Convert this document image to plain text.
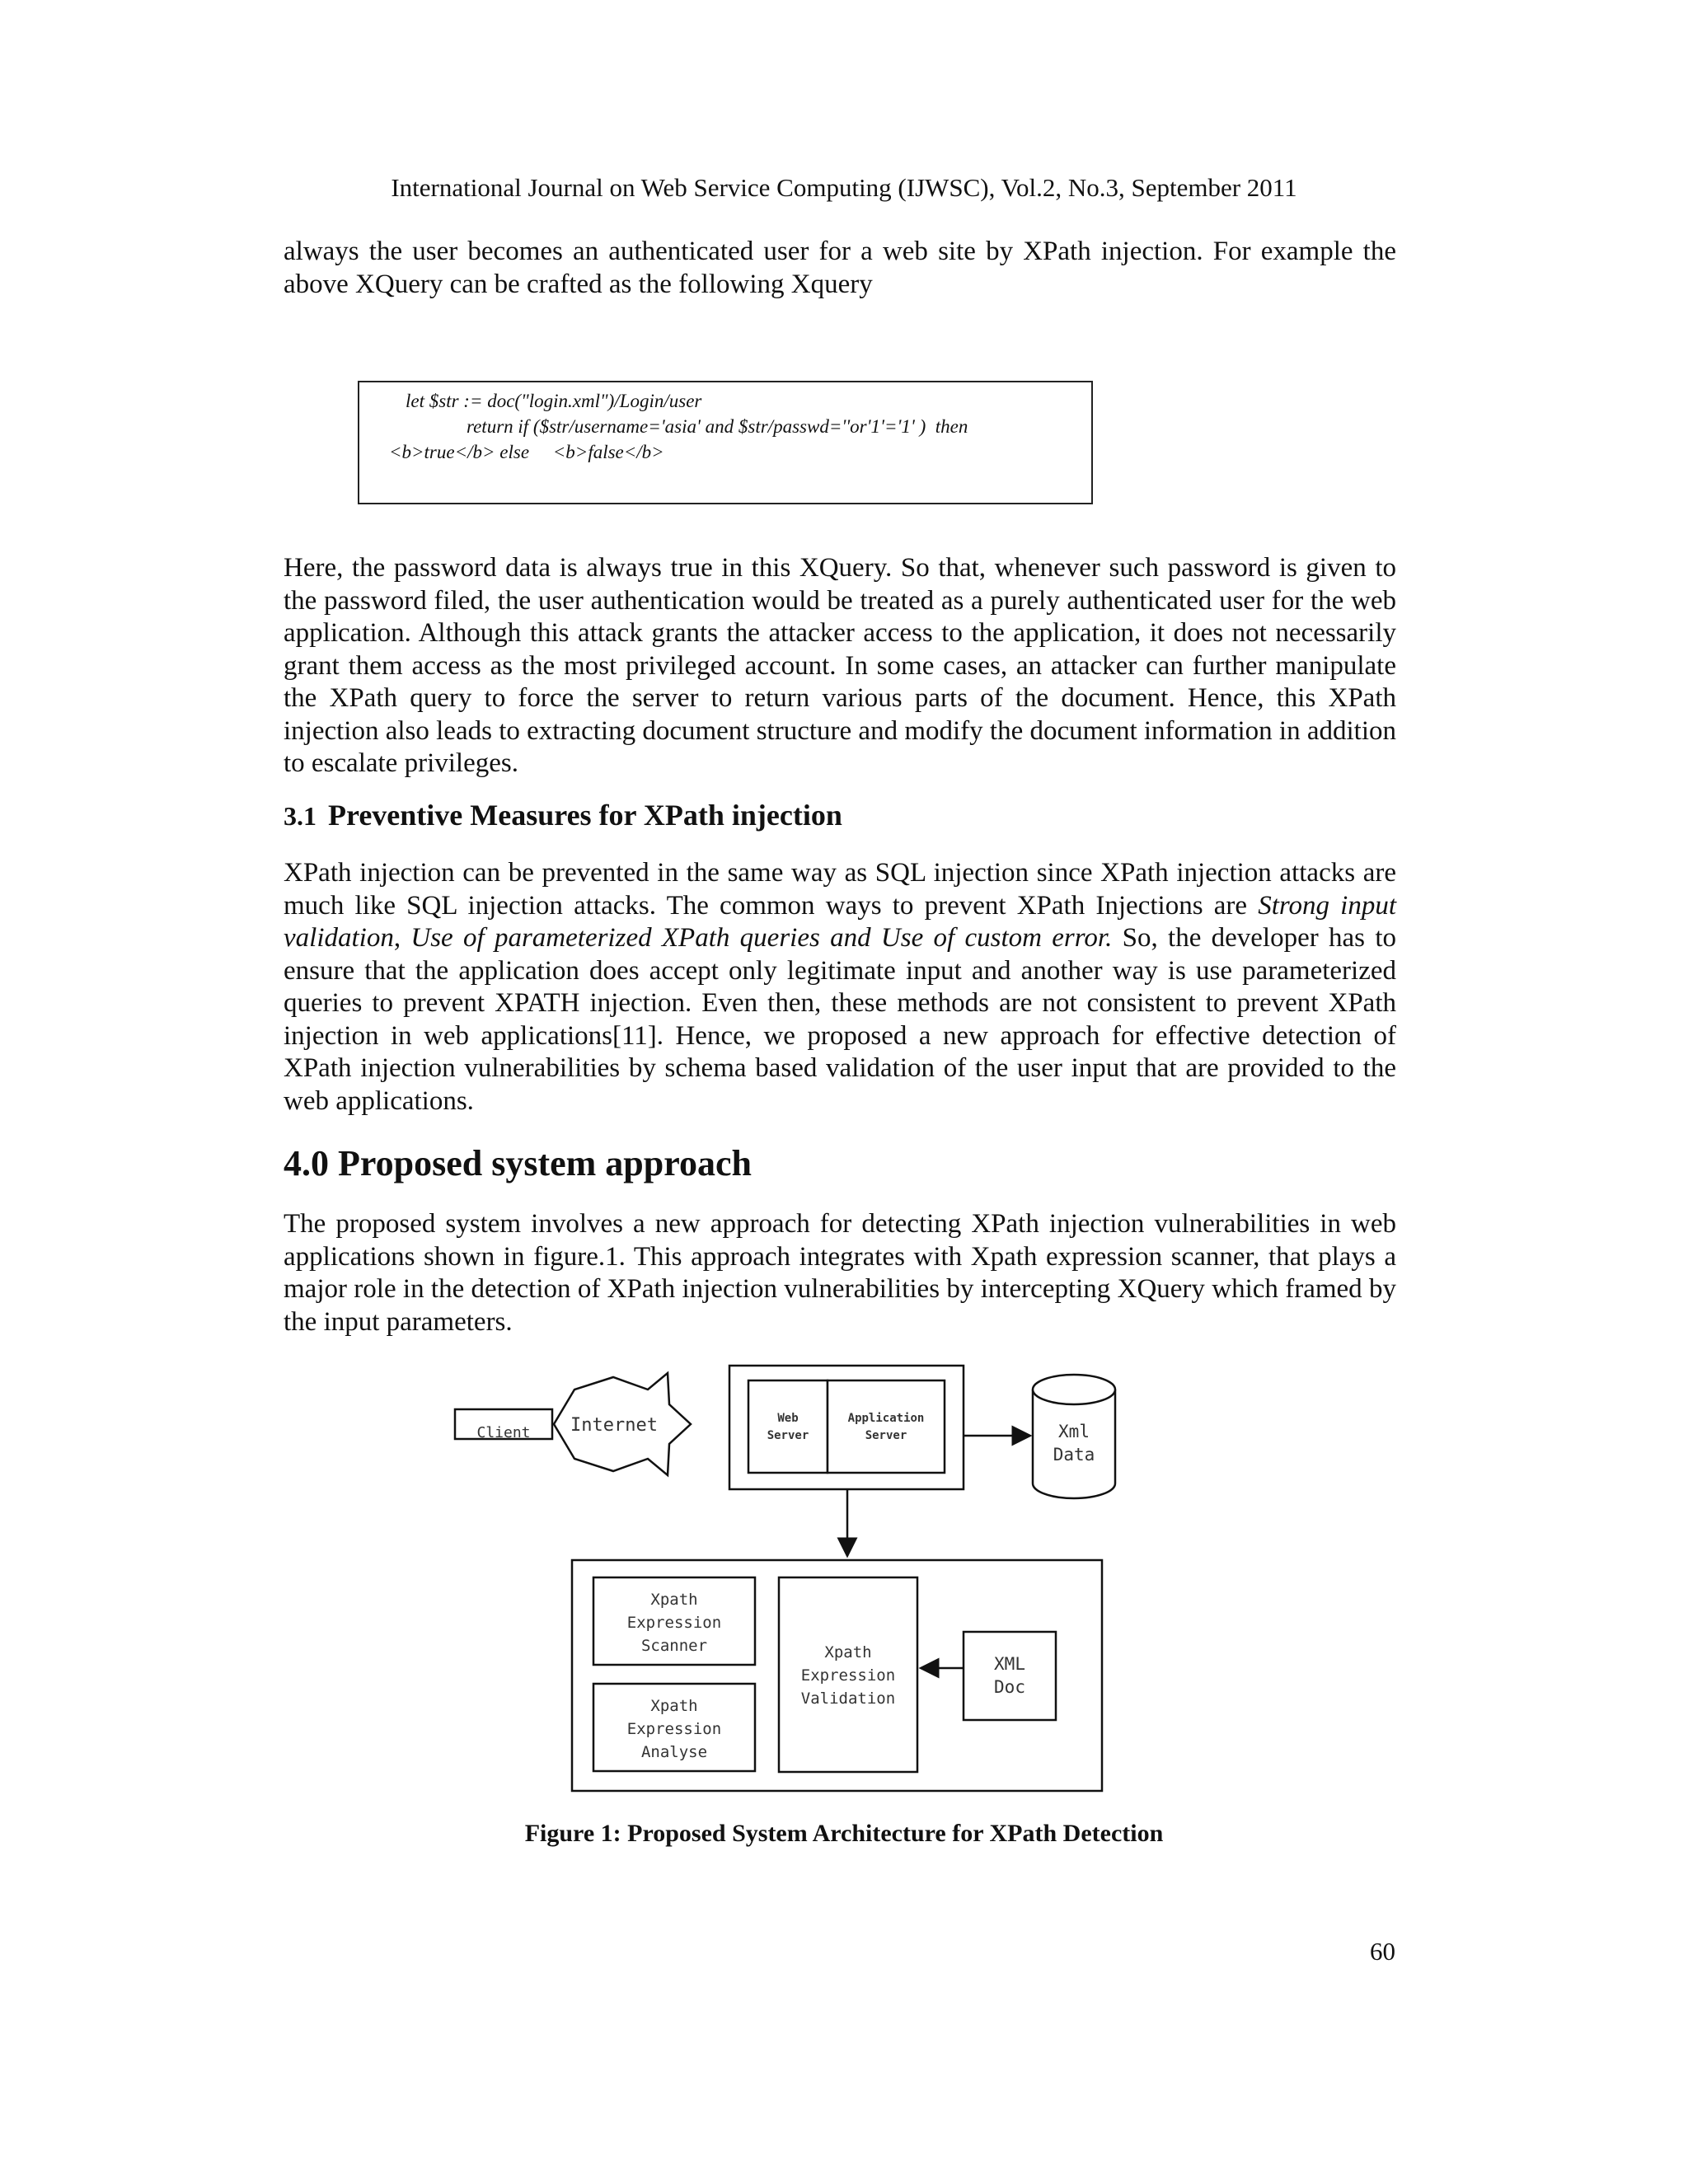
International Journal on Web Service Computing (IJWSC), Vol.2, No.3, September 2011
always the user becomes an authenticated user for a web site by XPath injection. For example the above XQuery can be crafted as the following Xquery
let $str := doc("login.xml")/Login/user
return if ($str/username='asia' and $str/passwd=''or'1'='1' )  then
<b>true</b> else     <b>false</b>
Here, the password data is always true in this XQuery. So that, whenever such password is given to the password filed, the user authentication would be treated as a purely authenticated user for the web application. Although this attack grants the attacker access to the application, it does not necessarily grant them access as the most privileged account. In some cases, an attacker can further manipulate the XPath query to force the server to return various parts of the document. Hence, this XPath injection also leads to extracting document structure and modify the document information in addition to escalate privileges.
3.1 Preventive Measures for XPath injection
XPath injection can be prevented in the same way as SQL injection since XPath injection attacks are much like SQL injection attacks. The common ways to prevent XPath Injections are Strong input validation, Use of parameterized XPath queries and Use of custom error. So, the developer has to ensure that the application does accept only legitimate input and another way is use parameterized queries to prevent XPATH injection. Even then, these methods are not consistent to prevent XPath injection in web applications[11]. Hence, we proposed a new approach for effective detection of XPath injection vulnerabilities by schema based validation of the user input that are provided to the web applications.
4.0 Proposed system approach
The proposed system involves a new approach for detecting XPath injection vulnerabilities in web applications shown in figure.1. This approach integrates with Xpath expression scanner, that plays a major role in the detection of XPath injection vulnerabilities by intercepting XQuery which framed by the input parameters.
Client Internet	Web
Server
Application
Server	Xml
Data
Xpath
Expression
Scanner
Xpath
Expression
Analyse
Xpath
Expression
Validation
XML
Doc
Figure 1: Proposed System Architecture for XPath Detection
60
